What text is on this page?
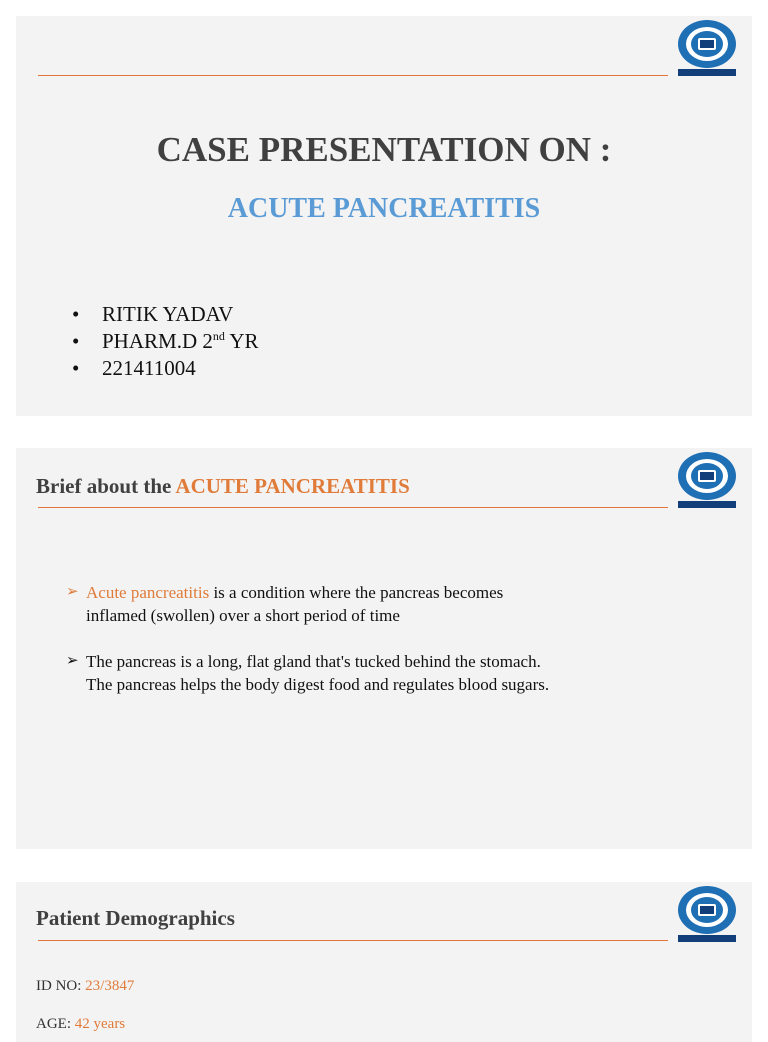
CASE PRESENTATION ON :
ACUTE PANCREATITIS
•	RITIK YADAV
•	PHARM.D 2nd YR
•	221411004
Brief about the ACUTE PANCREATITIS
➢ Acute pancreatitis is a condition where the pancreas becomes inflamed (swollen) over a short period of time
➢ The pancreas is a long, flat gland that's tucked behind the stomach. The pancreas helps the body digest food and regulates blood sugars.
Patient Demographics
ID NO: 23/3847
AGE: 42 years
